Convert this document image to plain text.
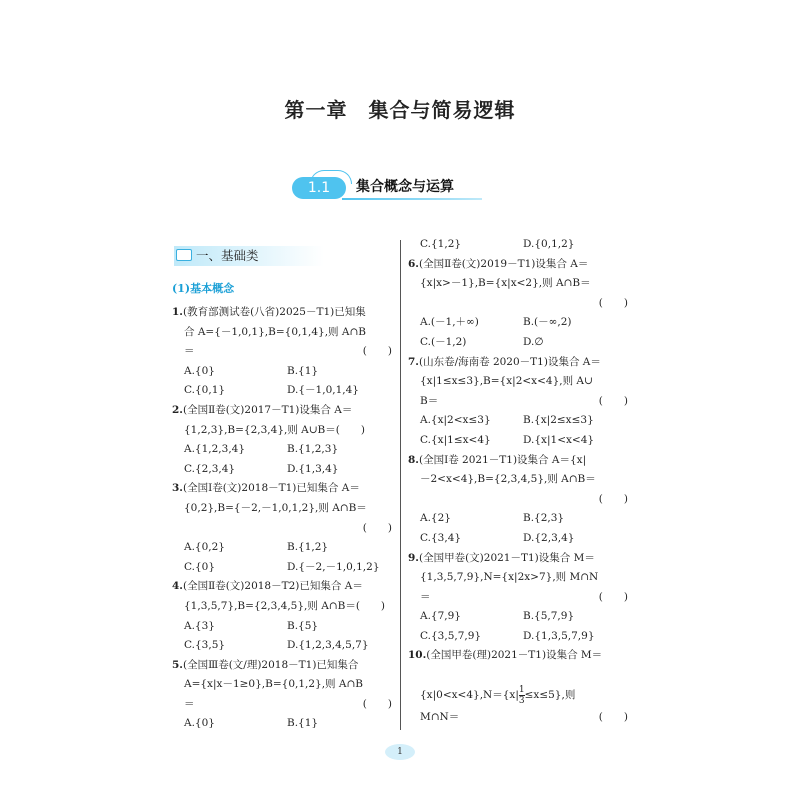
第一章　集合与简易逻辑
1.1	集合概念与运算
一、基础类
(1)基本概念
1.(教育部测试卷(八省)2025－T1)已知集
合 A={－1,0,1},B={0,1,4},则 A∩B
＝	(　　)
A.{0}	B.{1}
C.{0,1}	D.{－1,0,1,4}
2.(全国Ⅱ卷(文)2017－T1)设集合 A＝
{1,2,3},B={2,3,4},则 A∪B＝(　　)
A.{1,2,3,4}	B.{1,2,3}
C.{2,3,4}	D.{1,3,4}
3.(全国Ⅰ卷(文)2018－T1)已知集合 A＝
{0,2},B={－2,－1,0,1,2},则 A∩B＝
(　　)
A.{0,2}	B.{1,2}
C.{0}	D.{－2,－1,0,1,2}
4.(全国Ⅱ卷(文)2018－T2)已知集合 A＝
{1,3,5,7},B={2,3,4,5},则 A∩B＝(　　)
A.{3}	B.{5}
C.{3,5}	D.{1,2,3,4,5,7}
5.(全国Ⅲ卷(文/理)2018－T1)已知集合
A={x|x－1≥0},B={0,1,2},则 A∩B
＝	(　　)
A.{0}	B.{1}
C.{1,2}	D.{0,1,2}
6.(全国Ⅱ卷(文)2019－T1)设集合 A＝
{x|x>－1},B={x|x<2},则 A∩B＝
(　　)
A.(－1,＋∞)	B.(－∞,2)
C.(－1,2)	D.∅
7.(山东卷/海南卷 2020－T1)设集合 A＝
{x|1≤x≤3},B={x|2<x<4},则 A∪
B＝	(　　)
A.{x|2<x≤3}	B.{x|2≤x≤3}
C.{x|1≤x<4}	D.{x|1<x<4}
8.(全国Ⅰ卷 2021－T1)设集合 A＝{x|
－2<x<4},B={2,3,4,5},则 A∩B＝
(　　)
A.{2}	B.{2,3}
C.{3,4}	D.{2,3,4}
9.(全国甲卷(文)2021－T1)设集合 M＝
{1,3,5,7,9},N={x|2x>7},则 M∩N
＝	(　　)
A.{7,9}	B.{5,7,9}
C.{3,5,7,9}	D.{1,3,5,7,9}
10.(全国甲卷(理)2021－T1)设集合 M＝
$\{x|0<x<4\},N=\{x| \frac{1}{3}\le x\le 5\}$,则
M∩N＝	(　　)
1
